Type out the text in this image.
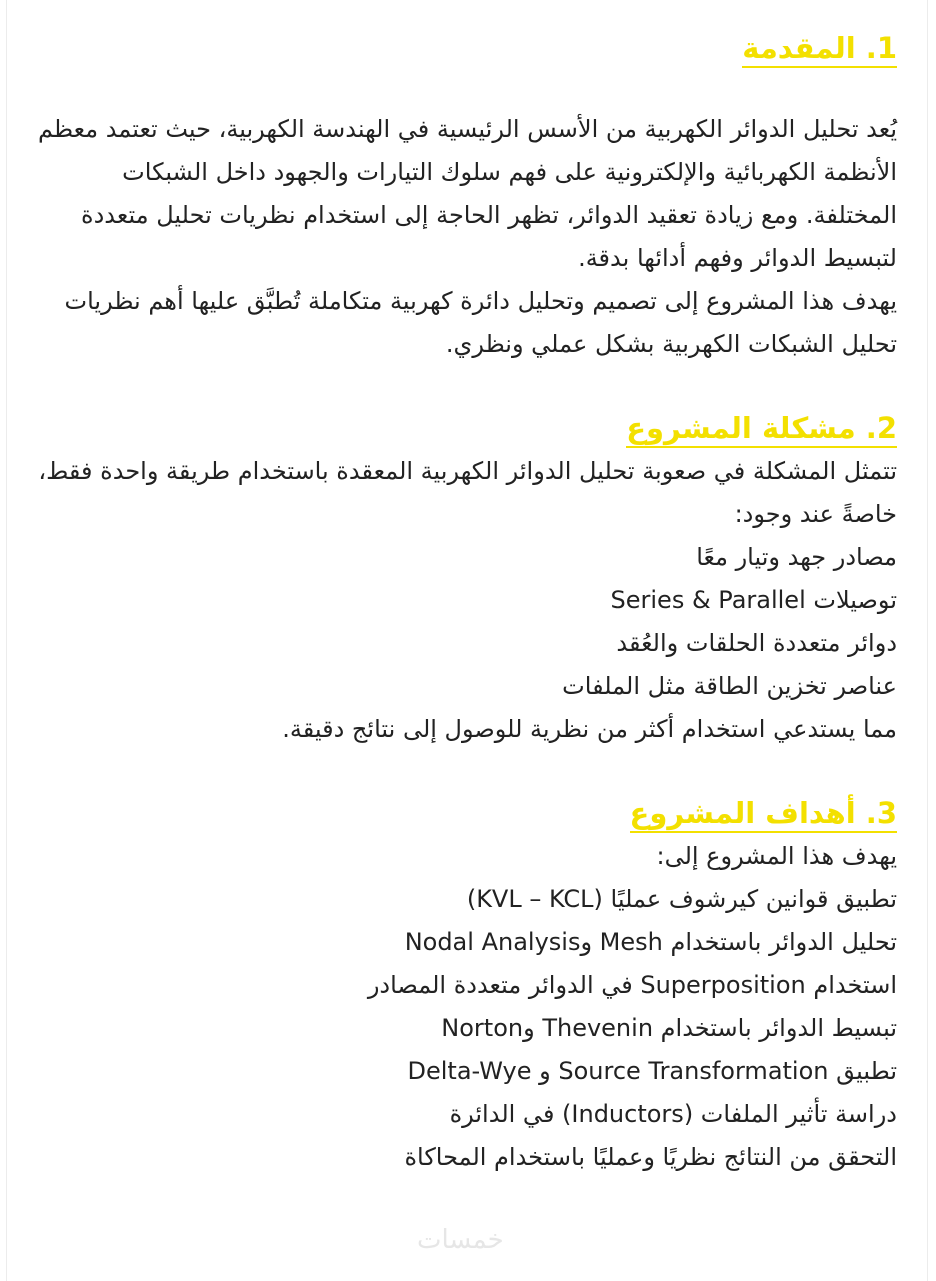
1. المقدمة

يُعد تحليل الدوائر الكهربية من الأسس الرئيسية في الهندسة الكهربية، حيث تعتمد معظم الأنظمة الكهربائية والإلكترونية على فهم سلوك التيارات والجهود داخل الشبكات المختلفة. ومع زيادة تعقيد الدوائر، تظهر الحاجة إلى استخدام نظريات تحليل متعددة لتبسيط الدوائر وفهم أدائها بدقة.

يهدف هذا المشروع إلى تصميم وتحليل دائرة كهربية متكاملة تُطبَّق عليها أهم نظريات تحليل الشبكات الكهربية بشكل عملي ونظري.

2. مشكلة المشروع

تتمثل المشكلة في صعوبة تحليل الدوائر الكهربية المعقدة باستخدام طريقة واحدة فقط، خاصةً عند وجود:

مصادر جهد وتيار معًا

توصيلات Series & Parallel

دوائر متعددة الحلقات والعُقد

عناصر تخزين الطاقة مثل الملفات

مما يستدعي استخدام أكثر من نظرية للوصول إلى نتائج دقيقة.

3. أهداف المشروع

يهدف هذا المشروع إلى:

تطبيق قوانين كيرشوف عمليًا (KVL – KCL)

تحليل الدوائر باستخدام Mesh وNodal Analysis

استخدام Superposition في الدوائر متعددة المصادر

تبسيط الدوائر باستخدام Thevenin وNorton

تطبيق Source Transformation و Delta-Wye

دراسة تأثير الملفات (Inductors) في الدائرة

التحقق من النتائج نظريًا وعمليًا باستخدام المحاكاة

خمسات
